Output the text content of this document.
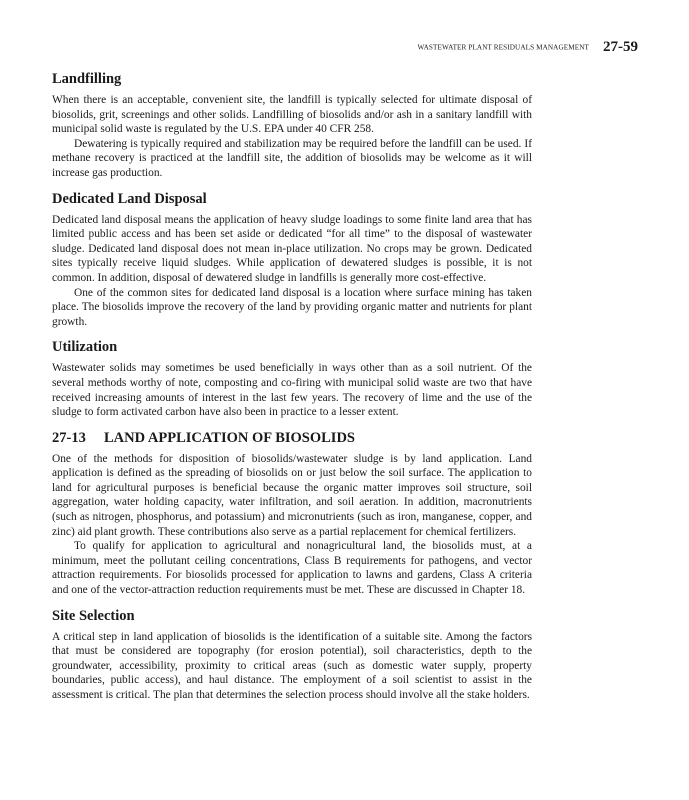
WASTEWATER PLANT RESIDUALS MANAGEMENT 27-59
Landfilling

When there is an acceptable, convenient site, the landfill is typically selected for ultimate disposal of biosolids, grit, screenings and other solids. Landfilling of biosolids and/or ash in a sanitary landfill with municipal solid waste is regulated by the U.S. EPA under 40 CFR 258.

Dewatering is typically required and stabilization may be required before the landfill can be used. If methane recovery is practiced at the landfill site, the addition of biosolids may be welcome as it will increase gas production.

Dedicated Land Disposal

Dedicated land disposal means the application of heavy sludge loadings to some finite land area that has limited public access and has been set aside or dedicated “for all time” to the disposal of wastewater sludge. Dedicated land disposal does not mean in-place utilization. No crops may be grown. Dedicated sites typically receive liquid sludges. While application of dewatered sludges is possible, it is not common. In addition, disposal of dewatered sludge in landfills is generally more cost-effective.

One of the common sites for dedicated land disposal is a location where surface mining has taken place. The biosolids improve the recovery of the land by providing organic matter and nutrients for plant growth.

Utilization

Wastewater solids may sometimes be used beneficially in ways other than as a soil nutrient. Of the several methods worthy of note, composting and co-firing with municipal solid waste are two that have received increasing amounts of interest in the last few years. The recovery of lime and the use of the sludge to form activated carbon have also been in practice to a lesser extent.

27-13 LAND APPLICATION OF BIOSOLIDS

One of the methods for disposition of biosolids/wastewater sludge is by land application. Land application is defined as the spreading of biosolids on or just below the soil surface. The application to land for agricultural purposes is beneficial because the organic matter improves soil structure, soil aggregation, water holding capacity, water infiltration, and soil aeration. In addition, macronutrients (such as nitrogen, phosphorus, and potassium) and micronutrients (such as iron, manganese, copper, and zinc) aid plant growth. These contributions also serve as a partial replacement for chemical fertilizers.

To qualify for application to agricultural and nonagricultural land, the biosolids must, at a minimum, meet the pollutant ceiling concentrations, Class B requirements for pathogens, and vector attraction requirements. For biosolids processed for application to lawns and gardens, Class A criteria and one of the vector-attraction reduction requirements must be met. These are discussed in Chapter 18.

Site Selection

A critical step in land application of biosolids is the identification of a suitable site. Among the factors that must be considered are topography (for erosion potential), soil characteristics, depth to the groundwater, accessibility, proximity to critical areas (such as domestic water supply, property boundaries, public access), and haul distance. The employment of a soil scientist to assist in the assessment is critical. The plan that determines the selection process should involve all the stake holders.
